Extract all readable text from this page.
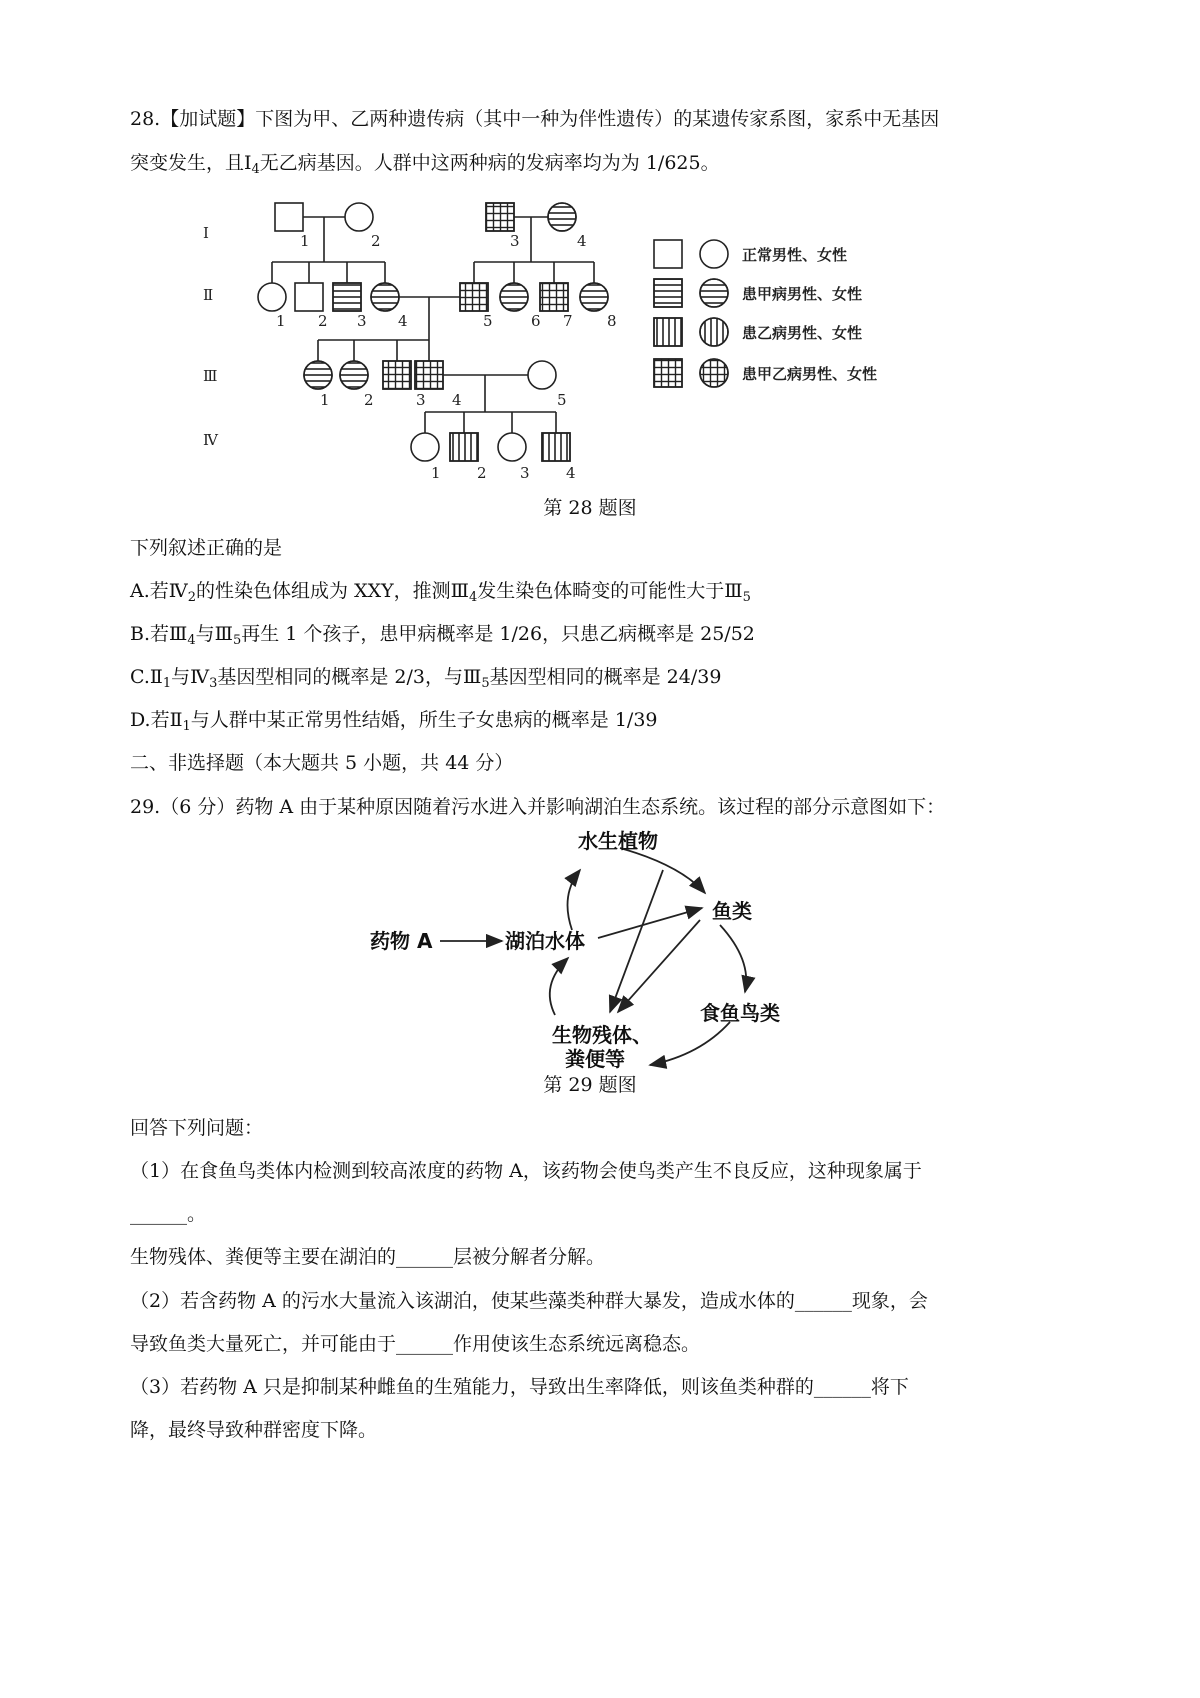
28.【加试题】下图为甲、乙两种遗传病（其中一种为伴性遗传）的某遗传家系图，家系中无基因
突变发生，且$Ⅰ_4$无乙病基因。人群中这两种病的发病率均为为 1/625。
Ⅰ
Ⅱ
Ⅲ
Ⅳ
1	2	3	4
1 2 3 4	5	6 7 8
1 2	3 4	5
1 2 3 4
正常男性、女性
患甲病男性、女性
患乙病男性、女性
患甲乙病男性、女性
水生植物
鱼类
药物 A	湖泊水体
食鱼鸟类
生物残体、
粪便等
第 28 题图
下列叙述正确的是
A.若$Ⅳ_2$的性染色体组成为 XXY，推测$Ⅲ_4$发生染色体畸变的可能性大于$Ⅲ_5$
B.若$Ⅲ_4$与$Ⅲ_5$再生 1 个孩子，患甲病概率是 1/26，只患乙病概率是 25/52
$C.Ⅱ_1$与$Ⅳ_3$基因型相同的概率是 2/3，与$Ⅲ_5$基因型相同的概率是 24/39
D.若$Ⅱ_1$与人群中某正常男性结婚，所生子女患病的概率是 1/39
二、非选择题（本大题共 5 小题，共 44 分）
29.（6 分）药物 A 由于某种原因随着污水进入并影响湖泊生态系统。该过程的部分示意图如下：
第 29 题图
回答下列问题：
（1）在食鱼鸟类体内检测到较高浓度的药物 A，该药物会使鸟类产生不良反应，这种现象属于
______。
生物残体、粪便等主要在湖泊的______层被分解者分解。
（2）若含药物 A 的污水大量流入该湖泊，使某些藻类种群大暴发，造成水体的______现象，会
导致鱼类大量死亡，并可能由于______作用使该生态系统远离稳态。
（3）若药物 A 只是抑制某种雌鱼的生殖能力，导致出生率降低，则该鱼类种群的______将下
降，最终导致种群密度下降。
